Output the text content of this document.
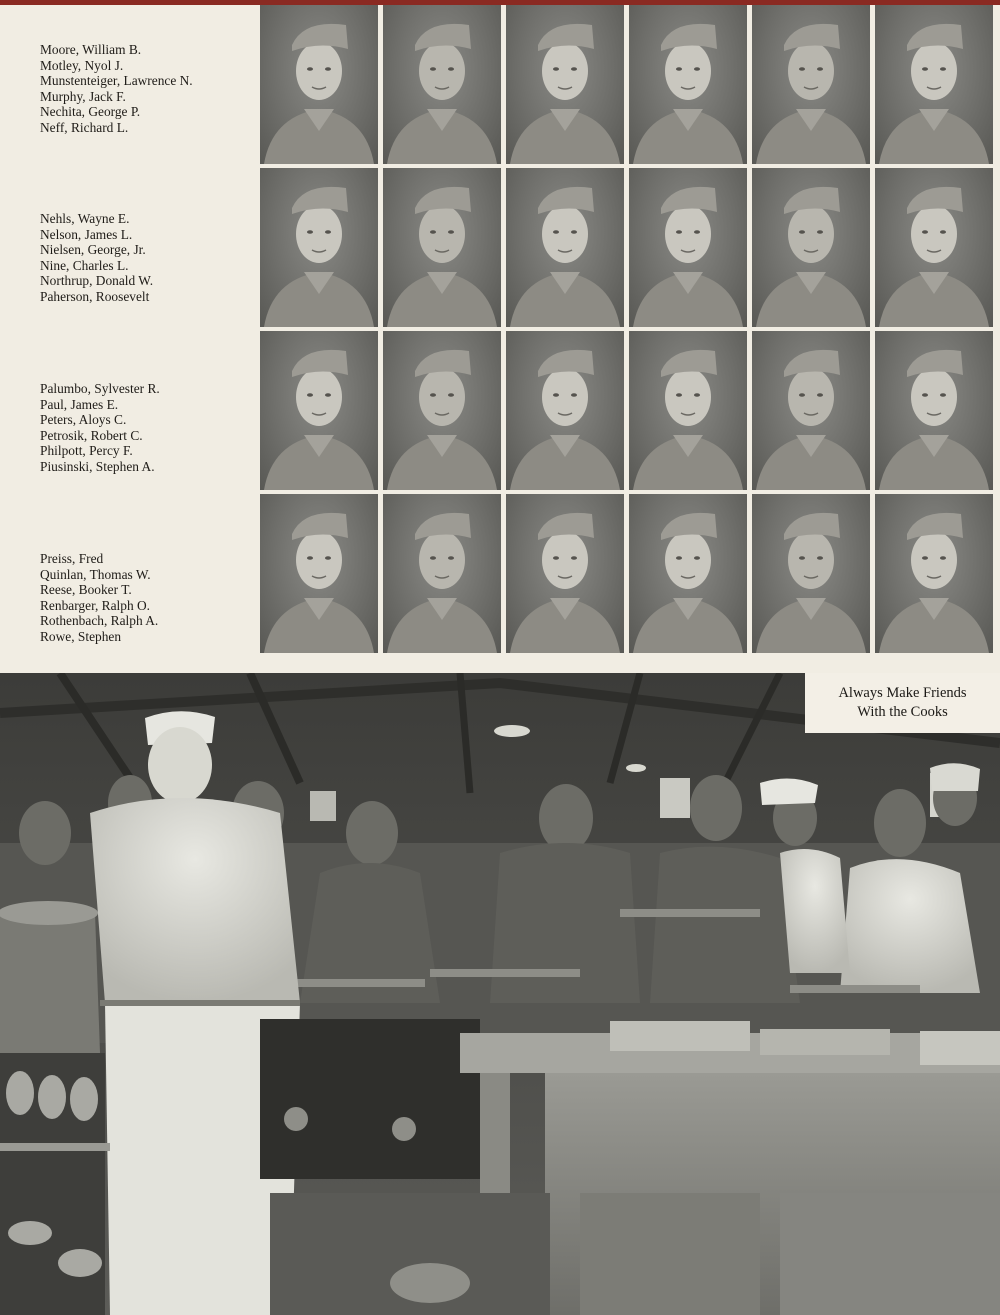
Moore, William B.
Motley, Nyol J.
Munstenteiger, Lawrence N.
Murphy, Jack F.
Nechita, George P.
Neff, Richard L.
Nehls, Wayne E.
Nelson, James L.
Nielsen, George, Jr.
Nine, Charles L.
Northrup, Donald W.
Paherson, Roosevelt
Palumbo, Sylvester R.
Paul, James E.
Peters, Aloys C.
Petrosik, Robert C.
Philpott, Percy F.
Piusinski, Stephen A.
Preiss, Fred
Quinlan, Thomas W.
Reese, Booker T.
Renbarger, Ralph O.
Rothenbach, Ralph A.
Rowe, Stephen
Always Make Friends
With the Cooks
